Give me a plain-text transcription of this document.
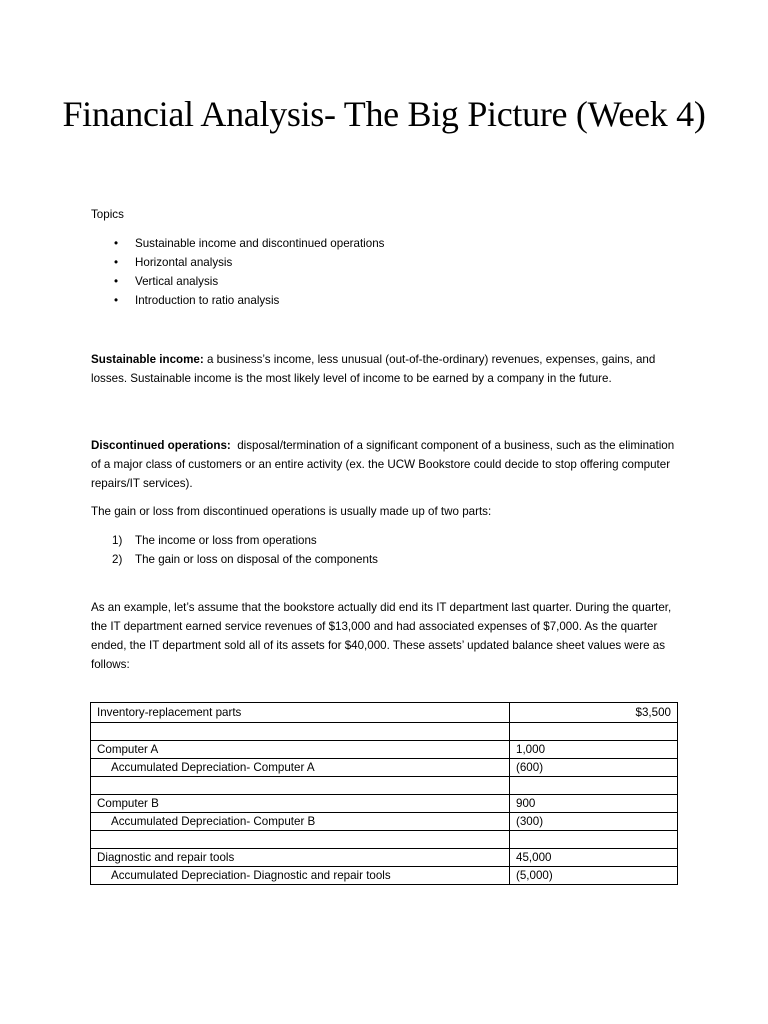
Financial Analysis- The Big Picture (Week 4)
Topics
• Sustainable income and discontinued operations
• Horizontal analysis
• Vertical analysis
• Introduction to ratio analysis

Sustainable income: a business’s income, less unusual (out-of-the-ordinary) revenues, expenses, gains, and losses. Sustainable income is the most likely level of income to be earned by a company in the future.

Discontinued operations:  disposal/termination of a significant component of a business, such as the elimination of a major class of customers or an entire activity (ex. the UCW Bookstore could decide to stop offering computer repairs/IT services).

The gain or loss from discontinued operations is usually made up of two parts:

1) The income or loss from operations
2) The gain or loss on disposal of the components

As an example, let’s assume that the bookstore actually did end its IT department last quarter. During the quarter, the IT department earned service revenues of $13,000 and had associated expenses of $7,000. As the quarter ended, the IT department sold all of its assets for $40,000. These assets’ updated balance sheet values were as follows:

Inventory-replacement parts	$3,500

Computer A	1,000
Accumulated Depreciation- Computer A	(600)

Computer B	900
Accumulated Depreciation- Computer B	(300)

Diagnostic and repair tools	45,000
Accumulated Depreciation- Diagnostic and repair tools	(5,000)
